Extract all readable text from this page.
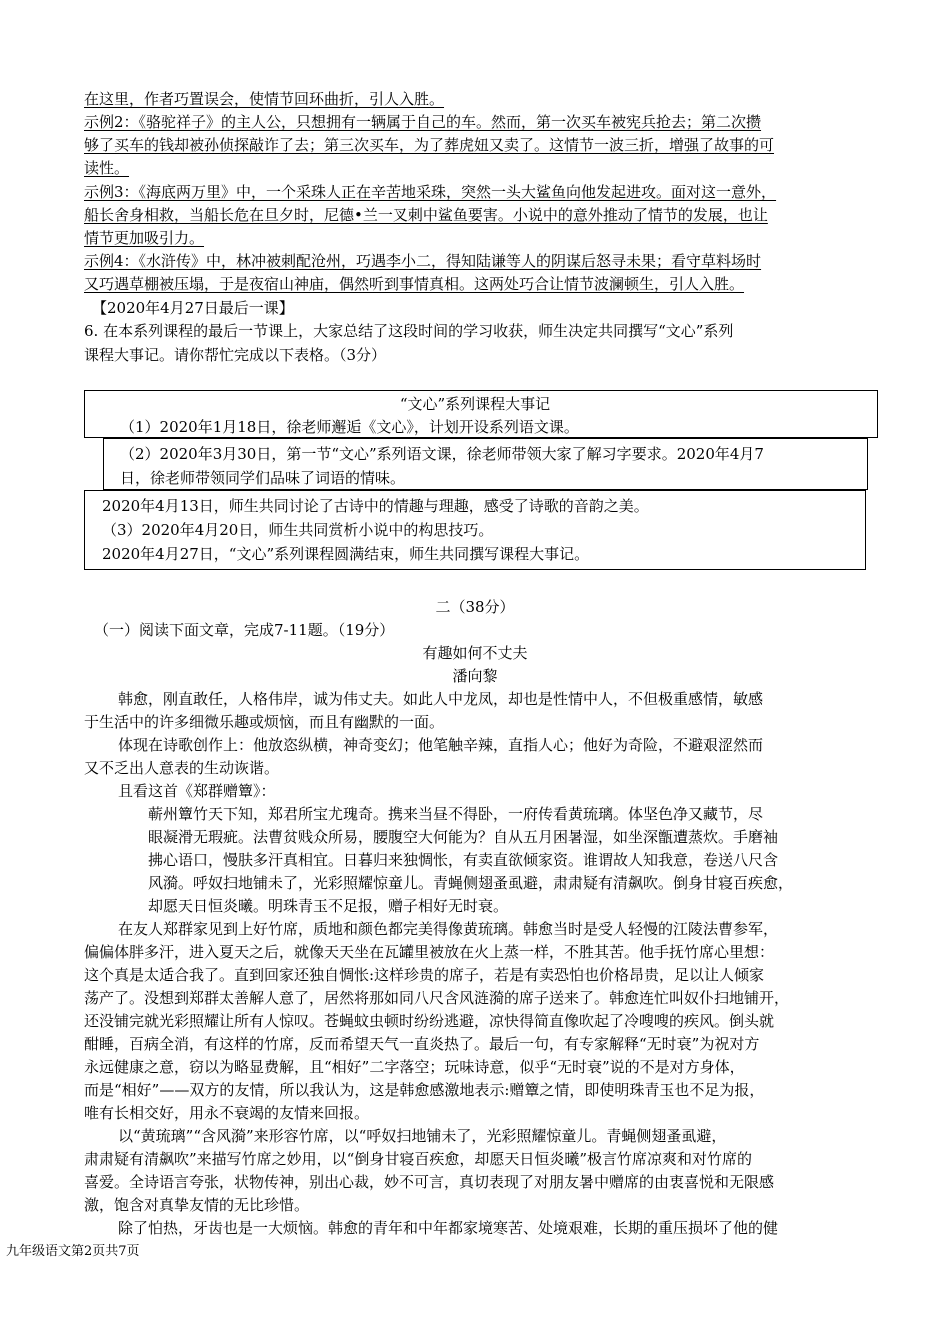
在这里，作者巧置误会，使情节回环曲折，引人入胜。
示例2：《骆驼祥子》的主人公，只想拥有一辆属于自己的车。然而，第一次买车被宪兵抢去；第二次攒
够了买车的钱却被孙侦探敲诈了去；第三次买车，为了葬虎妞又卖了。这情节一波三折，增强了故事的可
读性。
示例3：《海底两万里》中，一个采珠人正在辛苦地采珠，突然一头大鲨鱼向他发起进攻。面对这一意外，
船长舍身相救，当船长危在旦夕时，尼德•兰一叉刺中鲨鱼要害。小说中的意外推动了情节的发展，也让
情节更加吸引力。
示例4：《水浒传》中，林冲被刺配沧州，巧遇李小二，得知陆谦等人的阴谋后怒寻未果；看守草料场时
又巧遇草棚被压塌，于是夜宿山神庙，偶然听到事情真相。这两处巧合让情节波澜顿生，引人入胜。
【2020年4月27日最后一课】
6. 在本系列课程的最后一节课上，大家总结了这段时间的学习收获，师生决定共同撰写“文心”系列
课程大事记。请你帮忙完成以下表格。（3分）
“文心”系列课程大事记
（1）2020年1月18日，徐老师邂逅《文心》，计划开设系列语文课。
（2）2020年3月30日，第一节“文心”系列语文课，徐老师带领大家了解习字要求。2020年4月7
日，徐老师带领同学们品味了词语的情味。
2020年4月13日，师生共同讨论了古诗中的情趣与理趣，感受了诗歌的音韵之美。
（3）2020年4月20日，师生共同赏析小说中的构思技巧。
2020年4月27日，“文心”系列课程圆满结束，师生共同撰写课程大事记。
二（38分）
（一）阅读下面文章，完成7-11题。（19分）
有趣如何不丈夫
潘向黎
韩愈，刚直敢任，人格伟岸，诚为伟丈夫。如此人中龙凤，却也是性情中人，不但极重感情，敏感
于生活中的许多细微乐趣或烦恼，而且有幽默的一面。
体现在诗歌创作上：他放恣纵横，神奇变幻；他笔触辛辣，直指人心；他好为奇险，不避艰涩然而
又不乏出人意表的生动诙谐。
且看这首《郑群赠簟》：
蕲州簟竹天下知，郑君所宝尤瑰奇。携来当昼不得卧，一府传看黄琉璃。体坚色净又藏节，尽
眼凝滑无瑕疵。法曹贫贱众所易，腰腹空大何能为？自从五月困暑湿，如坐深甑遭蒸炊。手磨袖
拂心语口，慢肤多汗真相宜。日暮归来独惆怅，有卖直欲倾家资。谁谓故人知我意，卷送八尺含
风漪。呼奴扫地铺未了，光彩照耀惊童儿。青蝇侧翅蚤虱避，肃肃疑有清飙吹。倒身甘寝百疾愈，
却愿天日恒炎曦。明珠青玉不足报，赠子相好无时衰。
在友人郑群家见到上好竹席，质地和颜色都完美得像黄琉璃。韩愈当时是受人轻慢的江陵法曹参军，
偏偏体胖多汗，进入夏天之后，就像天天坐在瓦罐里被放在火上蒸一样，不胜其苦。他手抚竹席心里想：
这个真是太适合我了。直到回家还独自惆怅:这样珍贵的席子，若是有卖恐怕也价格昂贵，足以让人倾家
荡产了。没想到郑群太善解人意了，居然将那如同八尺含风涟漪的席子送来了。韩愈连忙叫奴仆扫地铺开，
还没铺完就光彩照耀让所有人惊叹。苍蝇蚊虫顿时纷纷逃避，凉快得简直像吹起了冷嗖嗖的疾风。倒头就
酣睡，百病全消，有这样的竹席，反而希望天气一直炎热了。最后一句，有专家解释“无时衰”为祝对方
永远健康之意，窃以为略显费解，且“相好”二字落空；玩味诗意，似乎“无时衰”说的不是对方身体，
而是“相好”——双方的友情，所以我认为，这是韩愈感激地表示:赠簟之情，即使明珠青玉也不足为报，
唯有长相交好，用永不衰竭的友情来回报。
以“黄琉璃”“含风漪”来形容竹席，以“呼奴扫地铺未了，光彩照耀惊童儿。青蝇侧翅蚤虱避，
肃肃疑有清飙吹”来描写竹席之妙用，以“倒身甘寝百疾愈，却愿天日恒炎曦”极言竹席凉爽和对竹席的
喜爱。全诗语言夸张，状物传神，别出心裁，妙不可言，真切表现了对朋友暑中赠席的由衷喜悦和无限感
激，饱含对真挚友情的无比珍惜。
除了怕热，牙齿也是一大烦恼。韩愈的青年和中年都家境寒苦、处境艰难，长期的重压损坏了他的健
九年级语文第2页共7页
